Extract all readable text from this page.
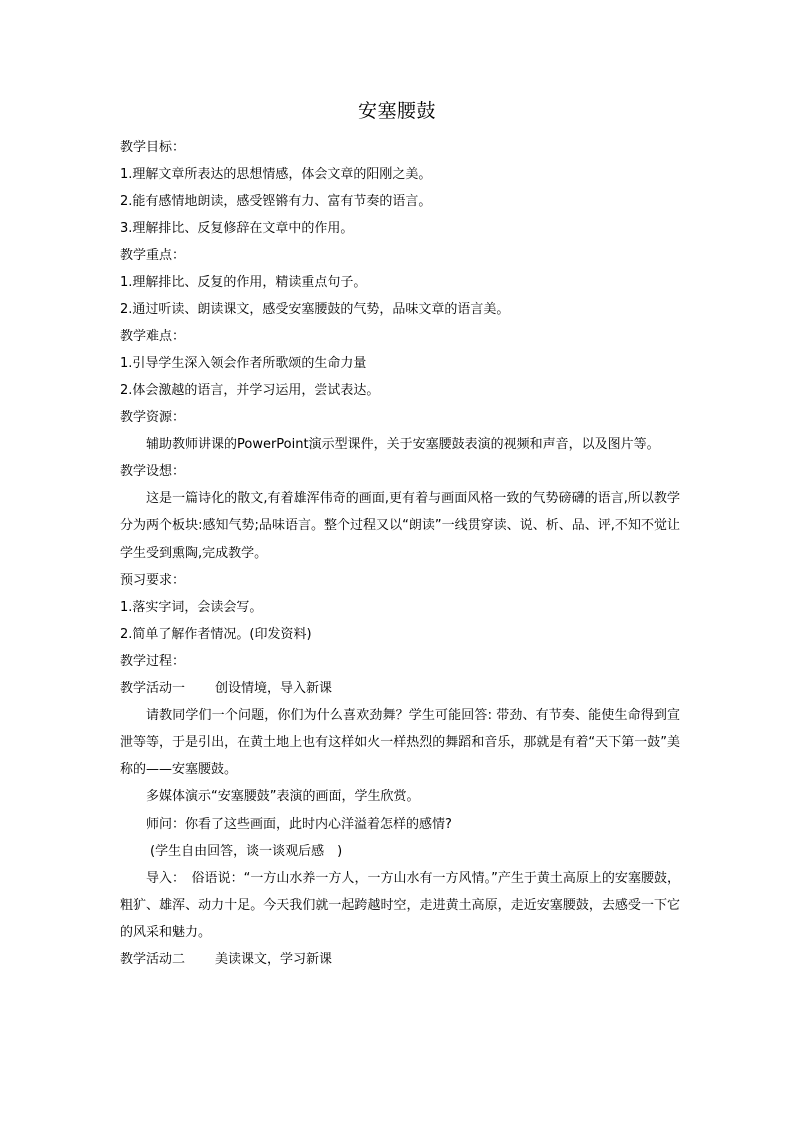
安塞腰鼓
教学目标：
1.理解文章所表达的思想情感，体会文章的阳刚之美。
2.能有感情地朗读，感受铿锵有力、富有节奏的语言。
3.理解排比、反复修辞在文章中的作用。
教学重点：
1.理解排比、反复的作用，精读重点句子。
2.通过听读、朗读课文，感受安塞腰鼓的气势，品味文章的语言美。
教学难点：
1.引导学生深入领会作者所歌颂的生命力量
2.体会激越的语言，并学习运用，尝试表达。
教学资源：
辅助教师讲课的PowerPoint演示型课件，关于安塞腰鼓表演的视频和声音，以及图片等。
教学设想：
这是一篇诗化的散文,有着雄浑伟奇的画面,更有着与画面风格一致的气势磅礴的语言,所以教学分为两个板块:感知气势;品味语言。整个过程又以“朗读”一线贯穿读、说、析、品、评,不知不觉让学生受到熏陶,完成教学。
预习要求：
1.落实字词，会读会写。
2.简单了解作者情况。(印发资料)
教学过程：
教学活动一 创设情境，导入新课
请教同学们一个问题，你们为什么喜欢劲舞？学生可能回答: 带劲、有节奏、能使生命得到宣泄等等，于是引出，在黄土地上也有这样如火一样热烈的舞蹈和音乐，那就是有着“天下第一鼓”美称的——安塞腰鼓。
多媒体演示“安塞腰鼓”表演的画面，学生欣赏。
师问：你看了这些画面，此时内心洋溢着怎样的感情?
(学生自由回答，谈一谈观后感　)
导入：　俗语说：“一方山水养一方人，一方山水有一方风情。”产生于黄土高原上的安塞腰鼓，粗犷、雄浑、动力十足。今天我们就一起跨越时空，走进黄土高原，走近安塞腰鼓，去感受一下它的风采和魅力。
教学活动二 美读课文，学习新课
